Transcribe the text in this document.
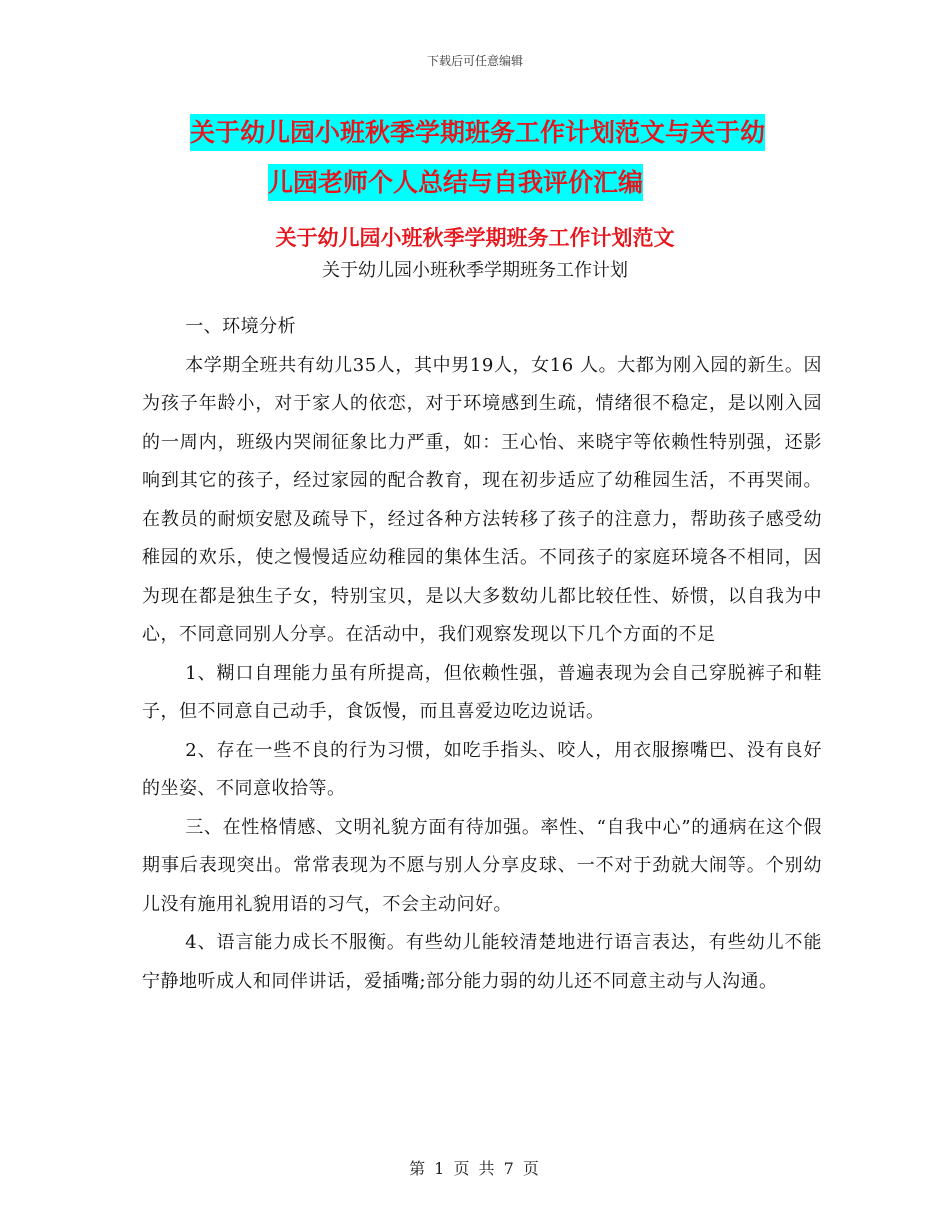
下载后可任意编辑
关于幼儿园小班秋季学期班务工作计划范文与关于幼
儿园老师个人总结与自我评价汇编
关于幼儿园小班秋季学期班务工作计划范文
关于幼儿园小班秋季学期班务工作计划

一、环境分析

本学期全班共有幼儿35人，其中男19人，女16 人。大都为刚入园的新生。因为孩子年龄小，对于家人的依恋，对于环境感到生疏，情绪很不稳定，是以刚入园的一周内，班级内哭闹征象比力严重，如：王心怡、来晓宇等依赖性特别强，还影响到其它的孩子，经过家园的配合教育，现在初步适应了幼稚园生活，不再哭闹。在教员的耐烦安慰及疏导下，经过各种方法转移了孩子的注意力，帮助孩子感受幼稚园的欢乐，使之慢慢适应幼稚园的集体生活。不同孩子的家庭环境各不相同，因为现在都是独生子女，特别宝贝，是以大多数幼儿都比较任性、娇惯，以自我为中心，不同意同别人分享。在活动中，我们观察发现以下几个方面的不足

1、糊口自理能力虽有所提高，但依赖性强，普遍表现为会自己穿脱裤子和鞋子，但不同意自己动手，食饭慢，而且喜爱边吃边说话。

2、存在一些不良的行为习惯，如吃手指头、咬人，用衣服擦嘴巴、没有良好的坐姿、不同意收拾等。

三、在性格情感、文明礼貌方面有待加强。率性、“自我中心”的通病在这个假期事后表现突出。常常表现为不愿与别人分享皮球、一不对于劲就大闹等。个别幼儿没有施用礼貌用语的习气，不会主动问好。

4、语言能力成长不服衡。有些幼儿能较清楚地进行语言表达，有些幼儿不能宁静地听成人和同伴讲话，爱插嘴;部分能力弱的幼儿还不同意主动与人沟通。

第 1 页 共 7 页
